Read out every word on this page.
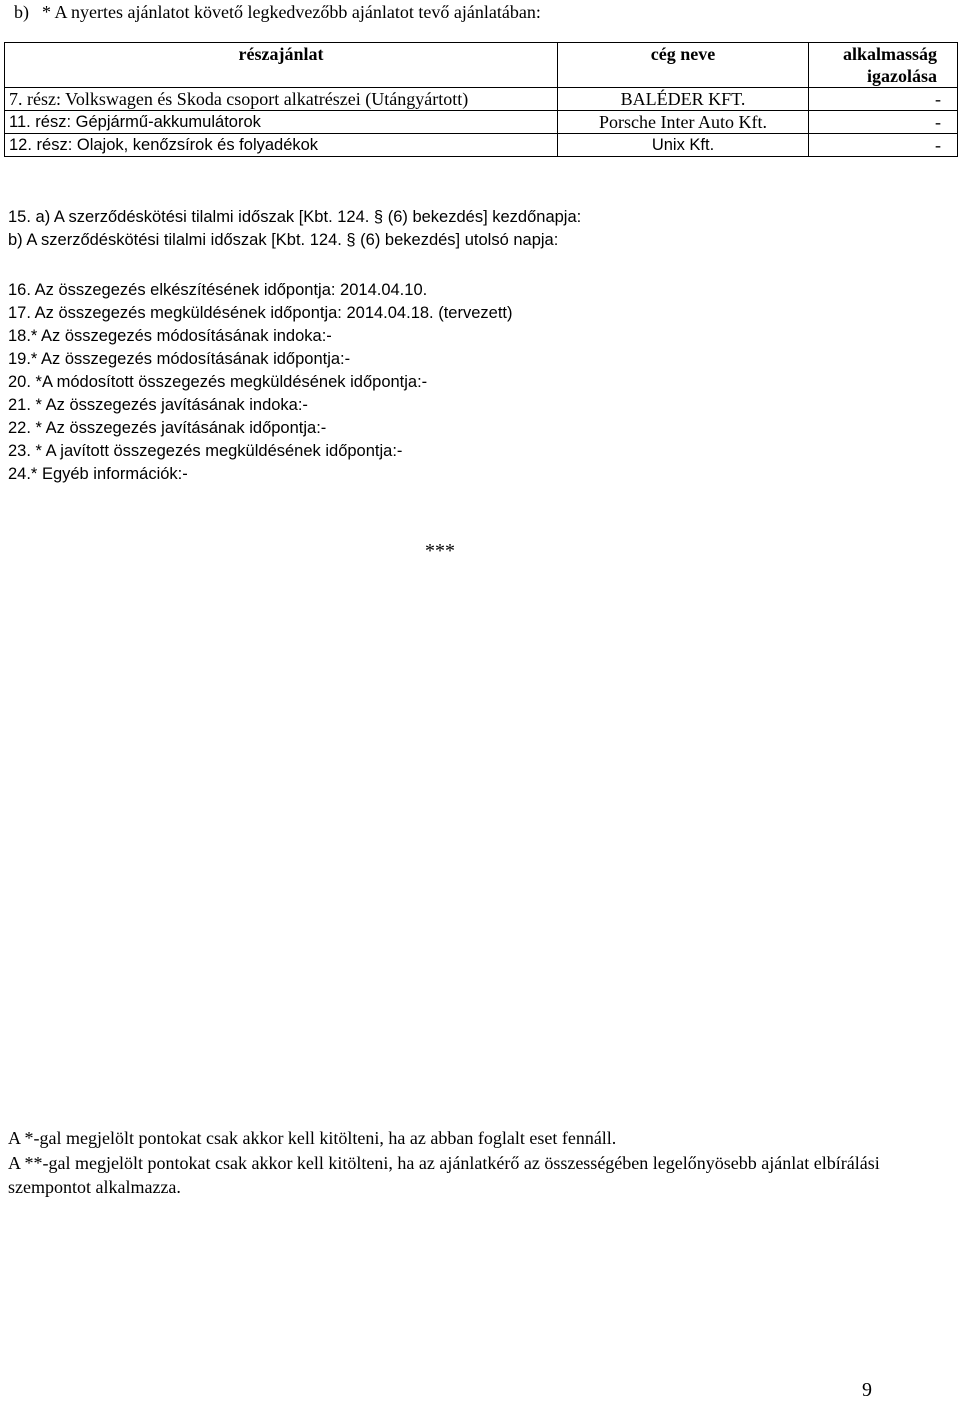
b) * A nyertes ajánlatot követő legkedvezőbb ajánlatot tevő ajánlatában:
részajánlat	cég neve	alkalmasság igazolása
7. rész: Volkswagen és Skoda csoport alkatrészei (Utángyártott)	BALÉDER KFT.	-
11. rész: Gépjármű-akkumulátorok	Porsche Inter Auto Kft.	-
12. rész: Olajok, kenőzsírok és folyadékok	Unix Kft.	-

15. a) A szerződéskötési tilalmi időszak [Kbt. 124. § (6) bekezdés] kezdőnapja:

b) A szerződéskötési tilalmi időszak [Kbt. 124. § (6) bekezdés] utolsó napja:

16. Az összegezés elkészítésének időpontja: 2014.04.10.

17. Az összegezés megküldésének időpontja: 2014.04.18. (tervezett)

18.* Az összegezés módosításának indoka:-

19.* Az összegezés módosításának időpontja:-

20. *A módosított összegezés megküldésének időpontja:-

21. * Az összegezés javításának indoka:-

22. * Az összegezés javításának időpontja:-

23. * A javított összegezés megküldésének időpontja:-

24.* Egyéb információk:-

***

A *-gal megjelölt pontokat csak akkor kell kitölteni, ha az abban foglalt eset fennáll.

A **-gal megjelölt pontokat csak akkor kell kitölteni, ha az ajánlatkérő az összességében legelőnyösebb ajánlat elbírálási szempontot alkalmazza.

9
